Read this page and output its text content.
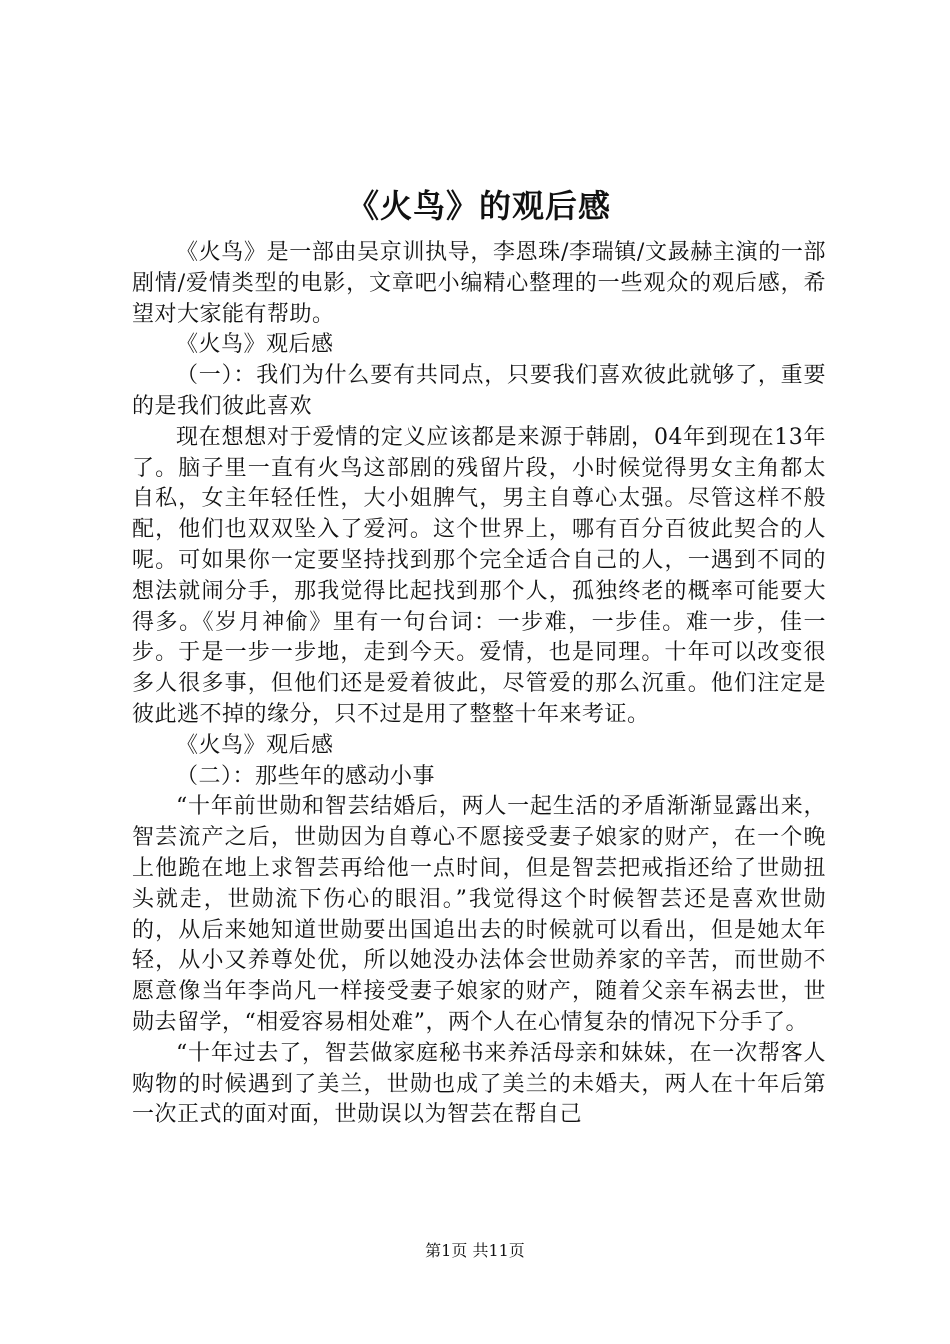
《火鸟》的观后感

《火鸟》是一部由吴京训执导，李恩珠/李瑞镇/文晸赫主演的一部剧情/爱情类型的电影，文章吧小编精心整理的一些观众的观后感，希望对大家能有帮助。

《火鸟》观后感

（一）：我们为什么要有共同点，只要我们喜欢彼此就够了，重要的是我们彼此喜欢

现在想想对于爱情的定义应该都是来源于韩剧，04年到现在13年了。脑子里一直有火鸟这部剧的残留片段，小时候觉得男女主角都太自私，女主年轻任性，大小姐脾气，男主自尊心太强。尽管这样不般配，他们也双双坠入了爱河。这个世界上，哪有百分百彼此契合的人呢。可如果你一定要坚持找到那个完全适合自己的人，一遇到不同的想法就闹分手，那我觉得比起找到那个人，孤独终老的概率可能要大得多。《岁月神偷》里有一句台词：一步难，一步佳。难一步，佳一步。于是一步一步地，走到今天。爱情，也是同理。十年可以改变很多人很多事，但他们还是爱着彼此，尽管爱的那么沉重。他们注定是彼此逃不掉的缘分，只不过是用了整整十年来考证。

《火鸟》观后感

（二）：那些年的感动小事

“十年前世勋和智芸结婚后，两人一起生活的矛盾渐渐显露出来，智芸流产之后，世勋因为自尊心不愿接受妻子娘家的财产，在一个晚上他跪在地上求智芸再给他一点时间，但是智芸把戒指还给了世勋扭头就走，世勋流下伤心的眼泪。”我觉得这个时候智芸还是喜欢世勋的，从后来她知道世勋要出国追出去的时候就可以看出，但是她太年轻，从小又养尊处优，所以她没办法体会世勋养家的辛苦，而世勋不愿意像当年李尚凡一样接受妻子娘家的财产，随着父亲车祸去世，世勋去留学，“相爱容易相处难”，两个人在心情复杂的情况下分手了。

“十年过去了，智芸做家庭秘书来养活母亲和妹妹，在一次帮客人购物的时候遇到了美兰，世勋也成了美兰的未婚夫，两人在十年后第一次正式的面对面，世勋误以为智芸在帮自己

第1页 共11页
